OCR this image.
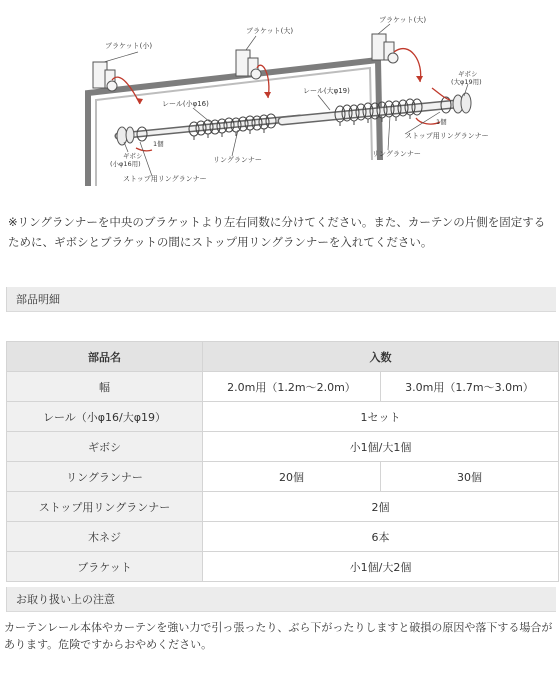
ブラケット(小)
ブラケット(大)
ブラケット(大)
レール(小φ16)
レール(大φ19)
ギボシ
(小φ16用)
ギボシ
(大φ19用)
1個
1個
リングランナー
リングランナー
ストップ用リングランナー
ストップ用リングランナー

※リングランナーを中央のブラケットより左右同数に分けてください。また、カーテンの片側を固定するために、ギボシとブラケットの間にストップ用リングランナーを入れてください。

部品明細
部品名	入数	
幅	2.0m用（1.2m～2.0m）	3.0m用（1.7m～3.0m）
レール（小φ16/大φ19）	1セット	
ギボシ	小1個/大1個	
リングランナー	20個	30個
ストップ用リングランナー	2個	
木ネジ	6本	
ブラケット	小1個/大2個	
お取り扱い上の注意

カーテンレール本体やカーテンを強い力で引っ張ったり、ぶら下がったりしますと破損の原因や落下する場合があります。危険ですからおやめください。
